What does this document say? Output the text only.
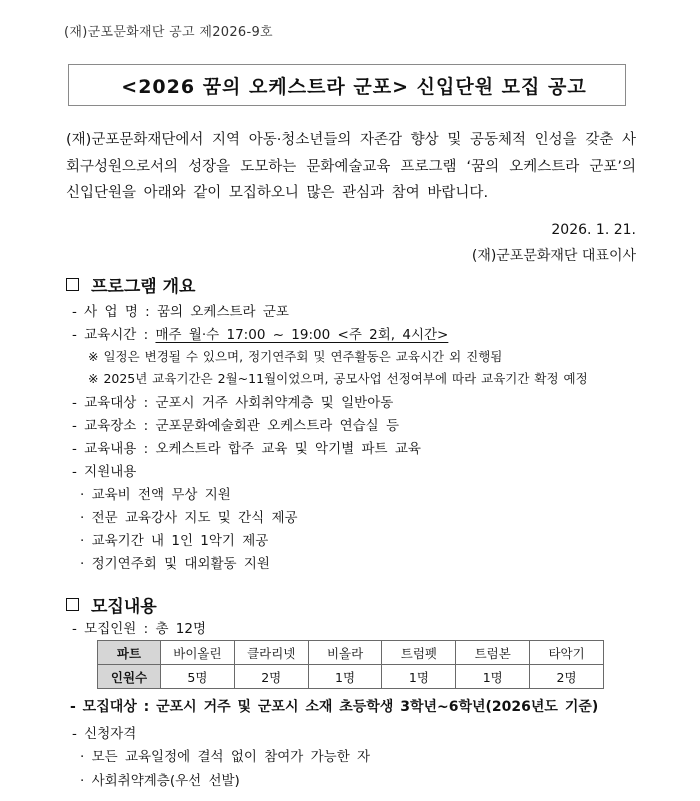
(재)군포문화재단 공고 제2026-9호
<2026 꿈의 오케스트라 군포> 신입단원 모집 공고
(재)군포문화재단에서 지역 아동·청소년들의 자존감 향상 및 공동체적 인성을 갖춘 사회구성원으로서의 성장을 도모하는 문화예술교육 프로그램 ‘꿈의 오케스트라 군포’의 신입단원을 아래와 같이 모집하오니 많은 관심과 참여 바랍니다.
2026. 1. 21.
(재)군포문화재단 대표이사
프로그램 개요
- 사 업 명 : 꿈의 오케스트라 군포
- 교육시간 : 매주 월·수 17:00 ~ 19:00 <주 2회, 4시간>
※ 일정은 변경될 수 있으며, 정기연주회 및 연주활동은 교육시간 외 진행됨
※ 2025년 교육기간은 2월~11월이었으며, 공모사업 선정여부에 따라 교육기간 확정 예정
- 교육대상 : 군포시 거주 사회취약계층 및 일반아동
- 교육장소 : 군포문화예술회관 오케스트라 연습실 등
- 교육내용 : 오케스트라 합주 교육 및 악기별 파트 교육
- 지원내용
· 교육비 전액 무상 지원
· 전문 교육강사 지도 및 간식 제공
· 교육기간 내 1인 1악기 제공
· 정기연주회 및 대외활동 지원
모집내용
- 모집인원 : 총 12명
파트	바이올린	클라리넷	비올라	트럼펫	트럼본	타악기
인원수	5명	2명	1명	1명	1명	2명
- 모집대상 : 군포시 거주 및 군포시 소재 초등학생 3학년~6학년(2026년도 기준)
- 신청자격
· 모든 교육일정에 결석 없이 참여가 가능한 자
· 사회취약계층(우선 선발)
